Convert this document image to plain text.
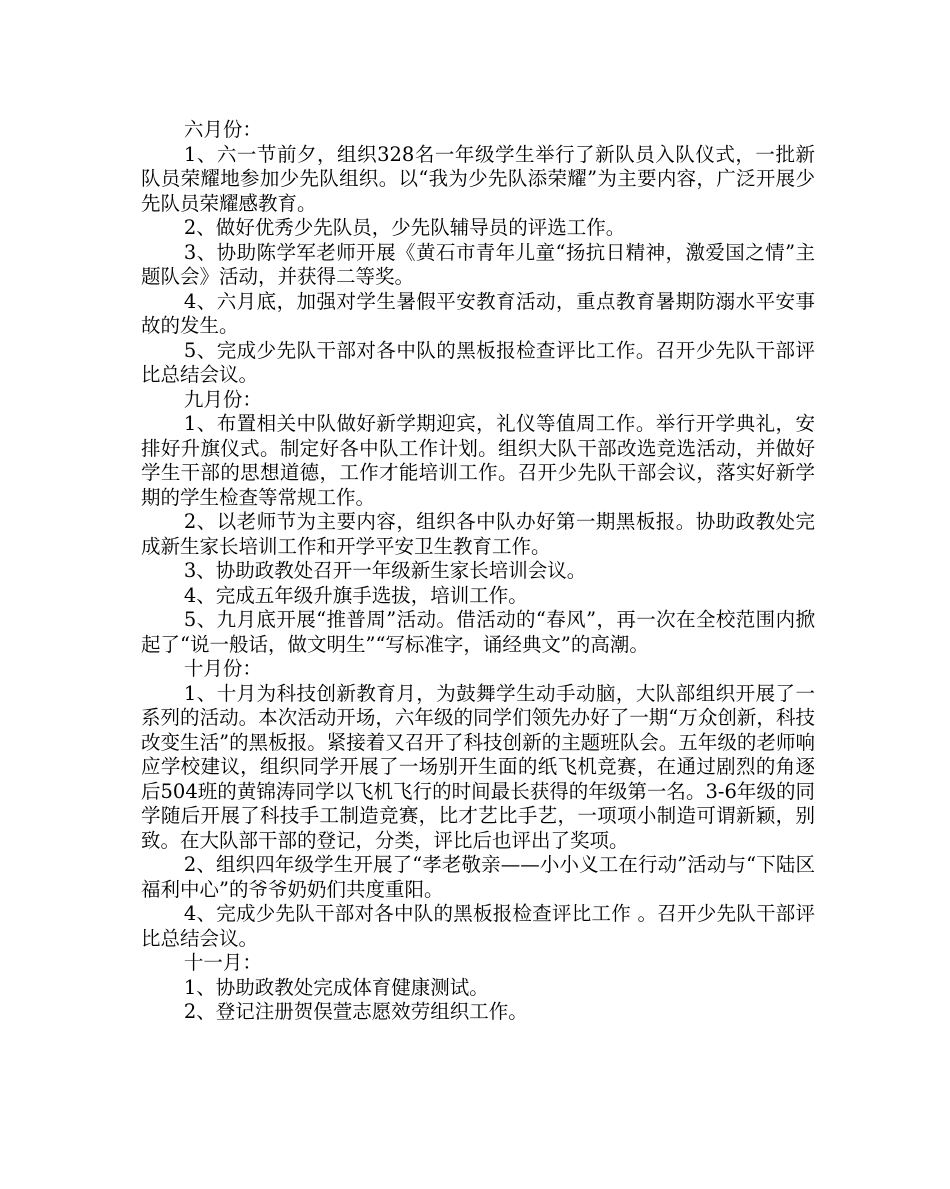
六月份：

1、六一节前夕，组织328名一年级学生举行了新队员入队仪式，一批新队员荣耀地参加少先队组织。以“我为少先队添荣耀”为主要内容，广泛开展少先队员荣耀感教育。

2、做好优秀少先队员，少先队辅导员的评选工作。

3、协助陈学军老师开展《黄石市青年儿童“扬抗日精神，激爱国之情”主题队会》活动，并获得二等奖。

4、六月底，加强对学生暑假平安教育活动，重点教育暑期防溺水平安事故的发生。

5、完成少先队干部对各中队的黑板报检查评比工作。召开少先队干部评比总结会议。

九月份：

1、布置相关中队做好新学期迎宾，礼仪等值周工作。举行开学典礼，安排好升旗仪式。制定好各中队工作计划。组织大队干部改选竞选活动，并做好学生干部的思想道德，工作才能培训工作。召开少先队干部会议，落实好新学期的学生检查等常规工作。

2、以老师节为主要内容，组织各中队办好第一期黑板报。协助政教处完成新生家长培训工作和开学平安卫生教育工作。

3、协助政教处召开一年级新生家长培训会议。

4、完成五年级升旗手选拔，培训工作。

5、九月底开展“推普周”活动。借活动的“春风”，再一次在全校范围内掀起了“说一般话，做文明生”“写标准字，诵经典文”的高潮。

十月份：

1、十月为科技创新教育月，为鼓舞学生动手动脑，大队部组织开展了一系列的活动。本次活动开场，六年级的同学们领先办好了一期“万众创新，科技改变生活”的黑板报。紧接着又召开了科技创新的主题班队会。五年级的老师响应学校建议，组织同学开展了一场别开生面的纸飞机竞赛，在通过剧烈的角逐后504班的黄锦涛同学以飞机飞行的时间最长获得的年级第一名。3-6年级的同学随后开展了科技手工制造竞赛，比才艺比手艺，一项项小制造可谓新颖，别致。在大队部干部的登记，分类，评比后也评出了奖项。

2、组织四年级学生开展了“孝老敬亲——小小义工在行动”活动与“下陆区福利中心”的爷爷奶奶们共度重阳。

4、完成少先队干部对各中队的黑板报检查评比工作 。召开少先队干部评比总结会议。

十一月：

1、协助政教处完成体育健康测试。

2、登记注册贺俣萱志愿效劳组织工作。
